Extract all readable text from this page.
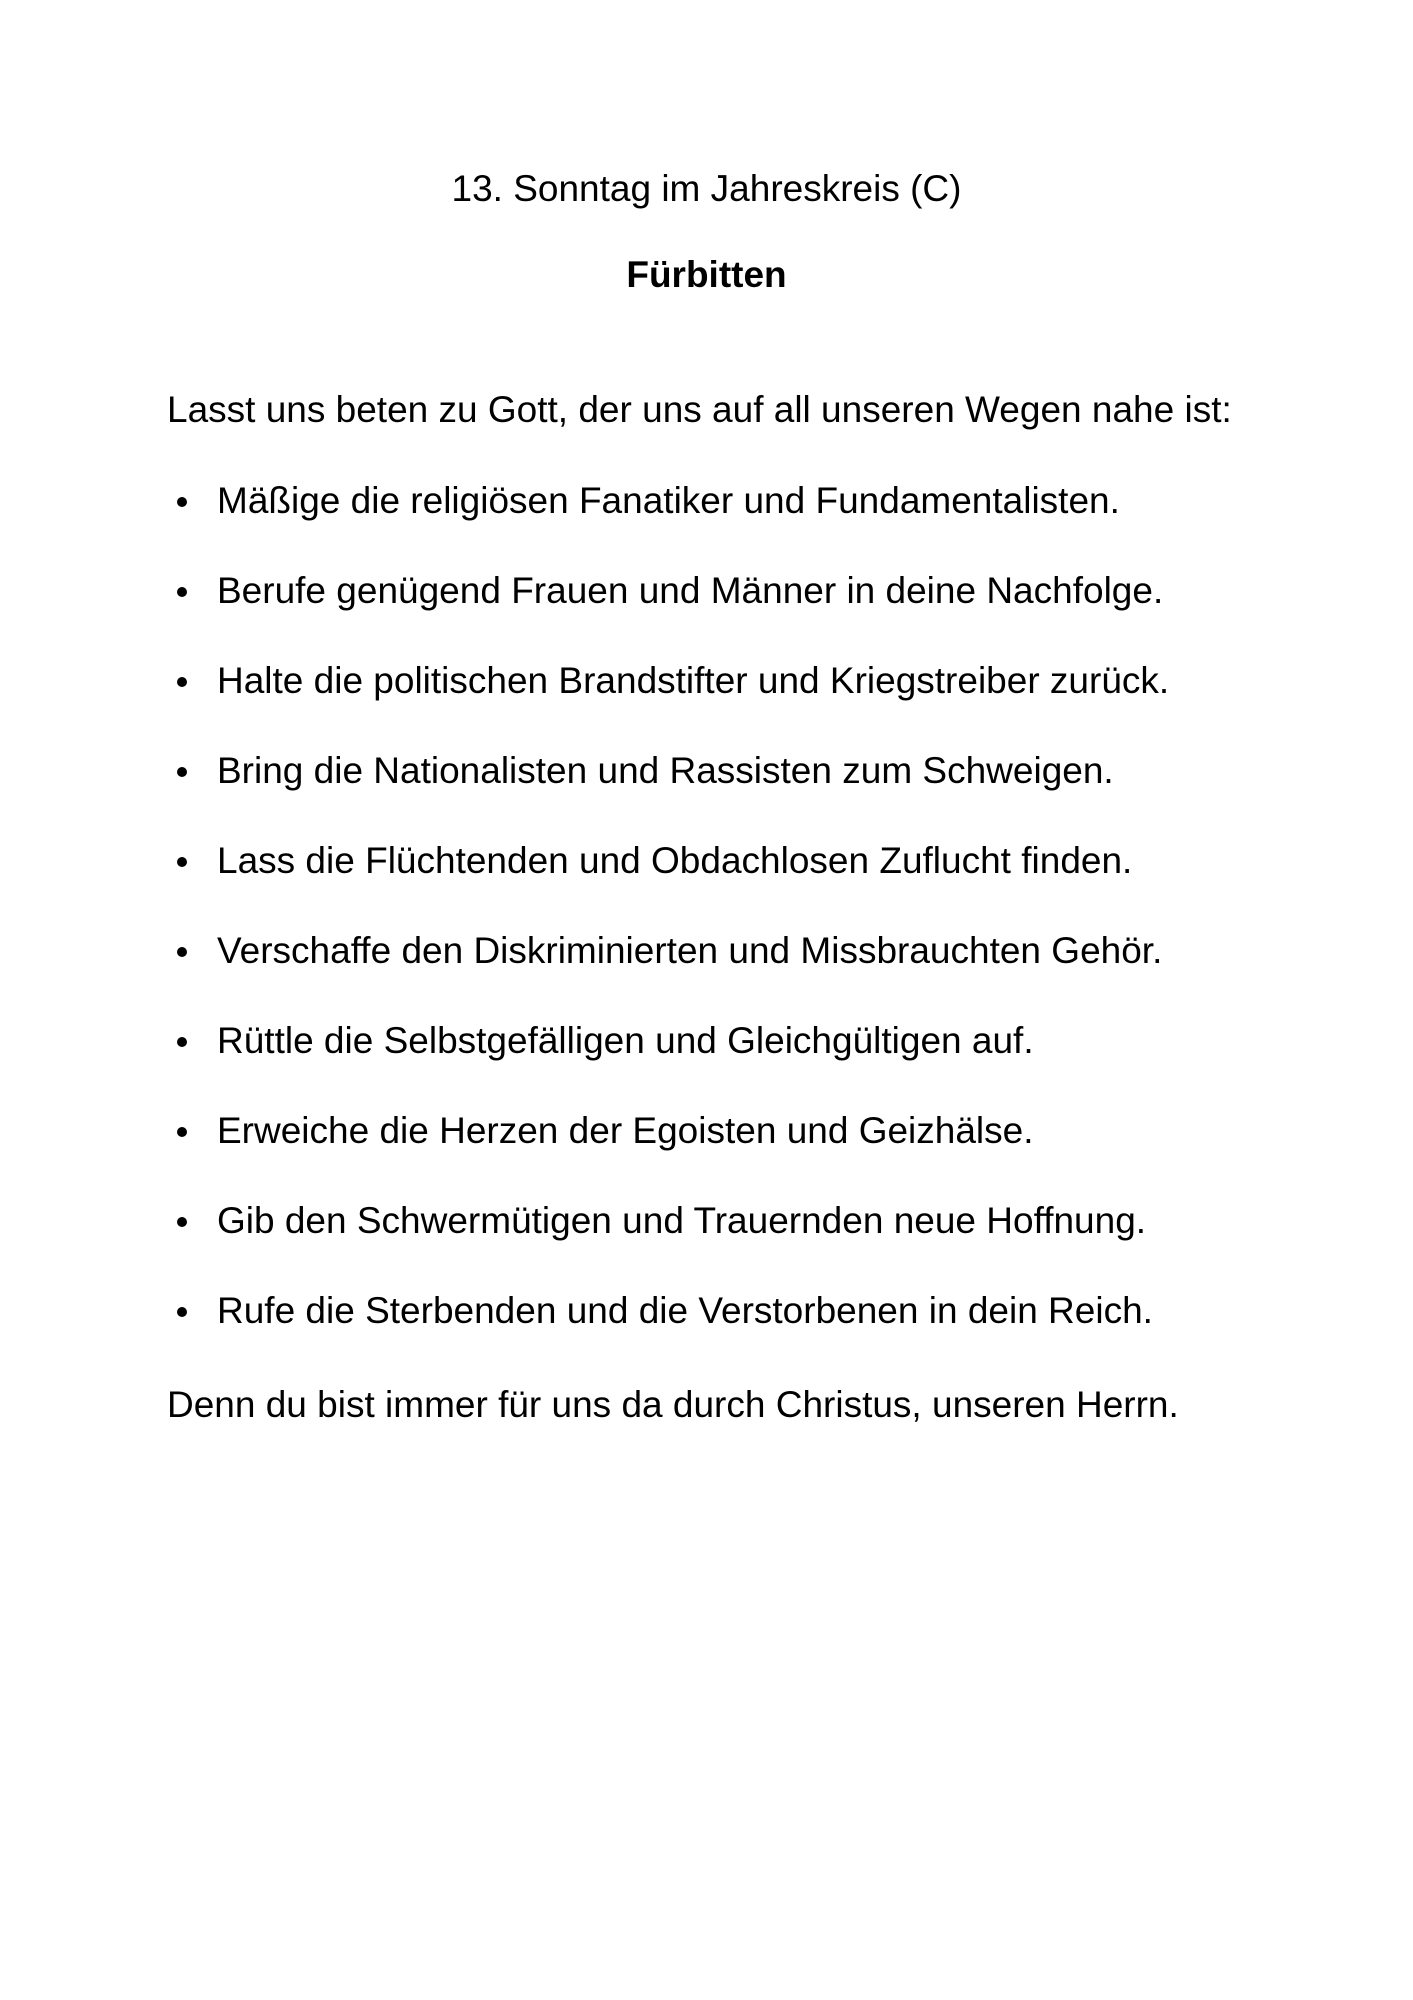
13. Sonntag im Jahreskreis (C)

Fürbitten

Lasst uns beten zu Gott, der uns auf all unseren Wegen nahe ist:

Mäßige die religiösen Fanatiker und Fundamentalisten.
Berufe genügend Frauen und Männer in deine Nachfolge.
Halte die politischen Brandstifter und Kriegstreiber zurück.
Bring die Nationalisten und Rassisten zum Schweigen.
Lass die Flüchtenden und Obdachlosen Zuflucht finden.
Verschaffe den Diskriminierten und Missbrauchten Gehör.
Rüttle die Selbstgefälligen und Gleichgültigen auf.
Erweiche die Herzen der Egoisten und Geizhälse.
Gib den Schwermütigen und Trauernden neue Hoffnung.
Rufe die Sterbenden und die Verstorbenen in dein Reich.

Denn du bist immer für uns da durch Christus, unseren Herrn.
